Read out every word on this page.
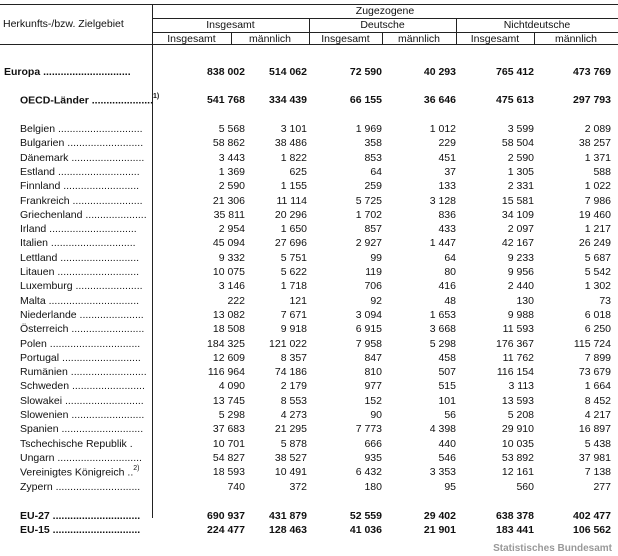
Herkunfts-/bzw. Zielgebiet
Zugezogene
Insgesamt	Deutsche	Nichtdeutsche
Insgesamt	männlich	Insgesamt	männlich	Insgesamt	männlich
Europa ..............................	838 002	514 062	72 590	40 293	765 412	473 769
OECD-Länder .....................$^{1)}$	541 768	334 439	66 155	36 646	475 613	297 793
Belgien .............................	5 568	3 101	1 969	1 012	3 599	2 089
Bulgarien ..........................	58 862	38 486	358	229	58 504	38 257
Dänemark .........................	3 443	1 822	853	451	2 590	1 371
Estland ............................	1 369	625	64	37	1 305	588
Finnland ..........................	2 590	1 155	259	133	2 331	1 022
Frankreich ........................	21 306	11 114	5 725	3 128	15 581	7 986
Griechenland .....................	35 811	20 296	1 702	836	34 109	19 460
Irland ..............................	2 954	1 650	857	433	2 097	1 217
Italien .............................	45 094	27 696	2 927	1 447	42 167	26 249
Lettland ...........................	9 332	5 751	99	64	9 233	5 687
Litauen ............................	10 075	5 622	119	80	9 956	5 542
Luxemburg .......................	3 146	1 718	706	416	2 440	1 302
Malta ...............................	222	121	92	48	130	73
Niederlande ......................	13 082	7 671	3 094	1 653	9 988	6 018
Österreich .........................	18 508	9 918	6 915	3 668	11 593	6 250
Polen ...............................	184 325	121 022	7 958	5 298	176 367	115 724
Portugal ...........................	12 609	8 357	847	458	11 762	7 899
Rumänien ..........................	116 964	74 186	810	507	116 154	73 679
Schweden .........................	4 090	2 179	977	515	3 113	1 664
Slowakei ...........................	13 745	8 553	152	101	13 593	8 452
Slowenien .........................	5 298	4 273	90	56	5 208	4 217
Spanien ............................	37 683	21 295	7 773	4 398	29 910	16 897
Tschechische Republik .	10 701	5 878	666	440	10 035	5 438
Ungarn .............................	54 827	38 527	935	546	53 892	37 981
Vereinigtes Königreich ..$^{2)}$	18 593	10 491	6 432	3 353	12 161	7 138
Zypern .............................	740	372	180	95	560	277
EU-27 ..............................	690 937	431 879	52 559	29 402	638 378	402 477
EU-15 ..............................	224 477	128 463	41 036	21 901	183 441	106 562
Statistisches Bundesamt
